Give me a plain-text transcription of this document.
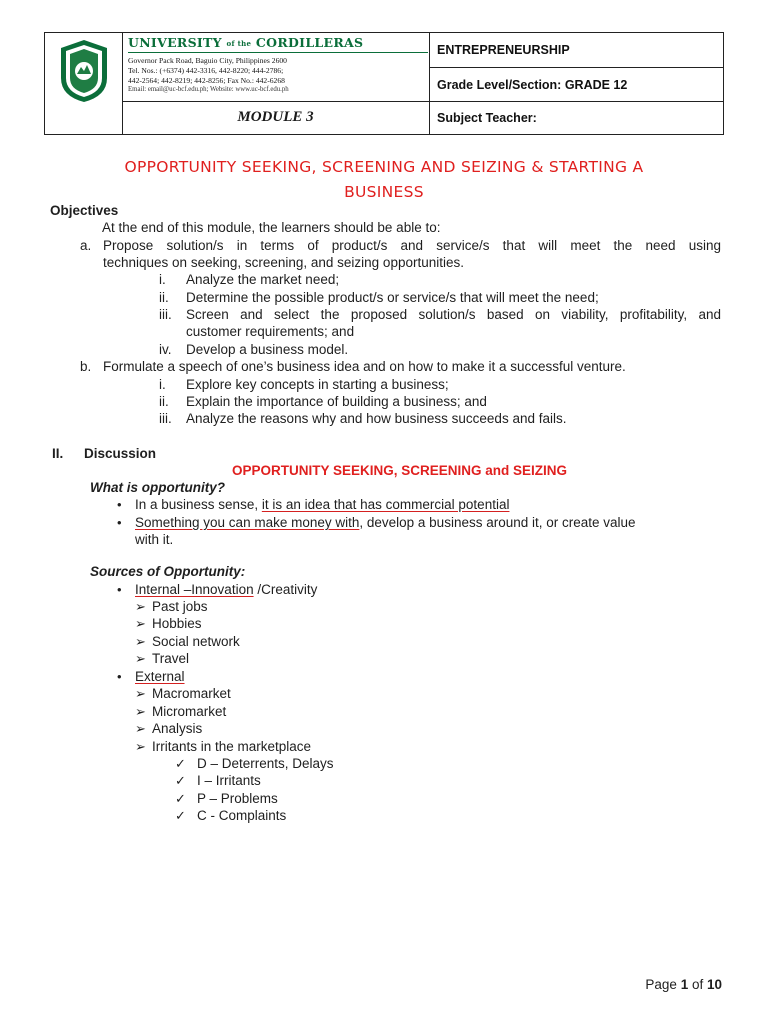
UNIVERSITY of the CORDILLERAS
Governor Pack Road, Baguio City, Philippines 2600
Tel. Nos.: (+6374) 442-3316, 442-8220; 444-2786;
442-2564; 442-8219; 442-8256; Fax No.: 442-6268
Email: email@uc-bcf.edu.ph; Website: www.uc-bcf.edu.ph
ENTREPRENEURSHIP
Grade Level/Section: GRADE 12
Subject Teacher:
MODULE 3
OPPORTUNITY SEEKING, SCREENING AND SEIZING & STARTING A
BUSINESS
Objectives
At the end of this module, the learners should be able to:
a. Propose solution/s in terms of product/s and service/s that will meet the need using
techniques on seeking, screening, and seizing opportunities.
i. Analyze the market need;
ii. Determine the possible product/s or service/s that will meet the need;
iii. Screen and select the proposed solution/s based on viability, profitability, and
customer requirements; and
iv. Develop a business model.
b. Formulate a speech of one’s business idea and on how to make it a successful venture.
i. Explore key concepts in starting a business;
ii. Explain the importance of building a business; and
iii. Analyze the reasons why and how business succeeds and fails.
II. Discussion
OPPORTUNITY SEEKING, SCREENING and SEIZING
What is opportunity?
• In a business sense, it is an idea that has commercial potential
• Something you can make money with, develop a business around it, or create value
with it.
Sources of Opportunity:
• Internal –Innovation /Creativity
➢ Past jobs
➢ Hobbies
➢ Social network
➢ Travel
• External
➢ Macromarket
➢ Micromarket
➢ Analysis
➢ Irritants in the marketplace
✓ D – Deterrents, Delays
✓ I – Irritants
✓ P – Problems
✓ C - Complaints
Page 1 of 10
